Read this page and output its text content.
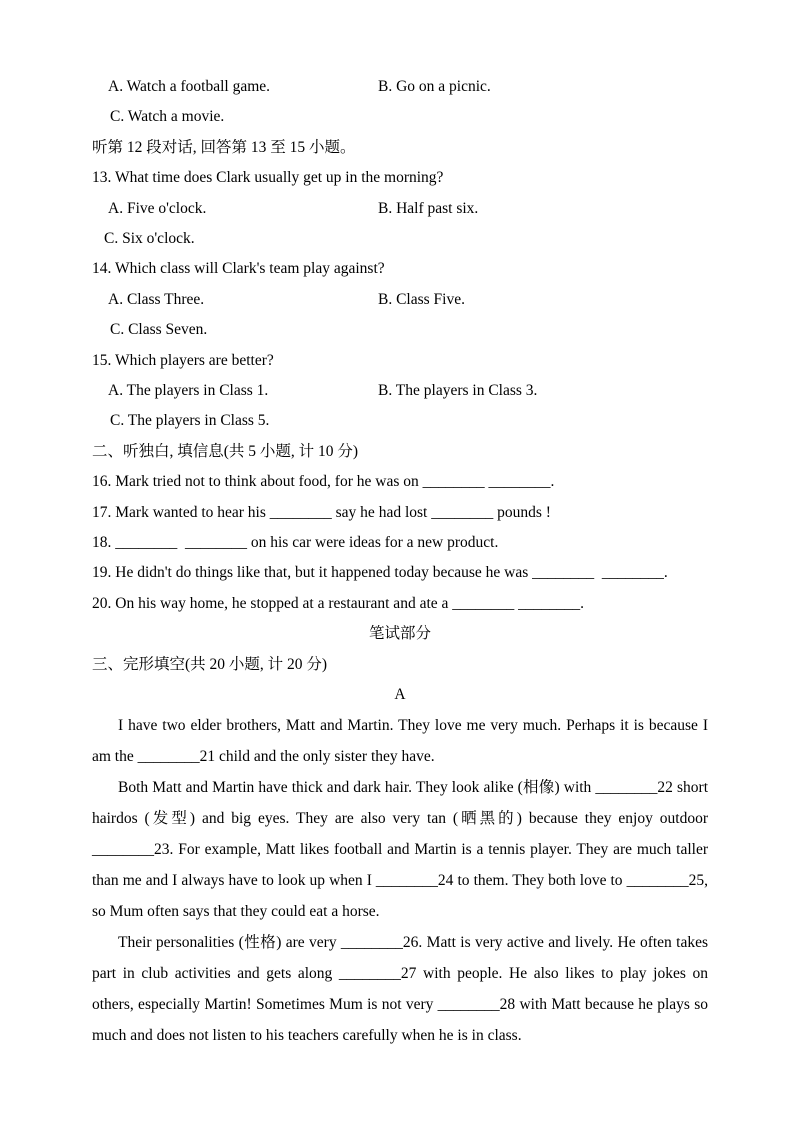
A. Watch a football game.	B. Go on a picnic.
C. Watch a movie.
听第 12 段对话, 回答第 13 至 15 小题。
13. What time does Clark usually get up in the morning?
A. Five o'clock.	B. Half past six.
C. Six o'clock.
14. Which class will Clark's team play against?
A. Class Three.	B. Class Five.
C. Class Seven.
15. Which players are better?
A. The players in Class 1.	B. The players in Class 3.
C. The players in Class 5.
二、听独白, 填信息(共 5 小题, 计 10 分)
16. Mark tried not to think about food, for he was on ________ ________.
17. Mark wanted to hear his ________ say he had lost ________ pounds !
18. ________  ________ on his car were ideas for a new product.
19. He didn't do things like that, but it happened today because he was ________  ________.
20. On his way home, he stopped at a restaurant and ate a ________ ________.
笔试部分
三、完形填空(共 20 小题, 计 20 分)
A
I have two elder brothers, Matt and Martin. They love me very much. Perhaps it is because I am the ________21 child and the only sister they have.
Both Matt and Martin have thick and dark hair. They look alike (相像) with ________22 short hairdos (发型) and big eyes. They are also very tan (晒黑的) because they enjoy outdoor ________23. For example, Matt likes football and Martin is a tennis player. They are much taller than me and I always have to look up when I ________24 to them. They both love to ________25, so Mum often says that they could eat a horse.
Their personalities (性格) are very ________26. Matt is very active and lively. He often takes part in club activities and gets along ________27 with people. He also likes to play jokes on others, especially Martin! Sometimes Mum is not very ________28 with Matt because he plays so much and does not listen to his teachers carefully when he is in class.
